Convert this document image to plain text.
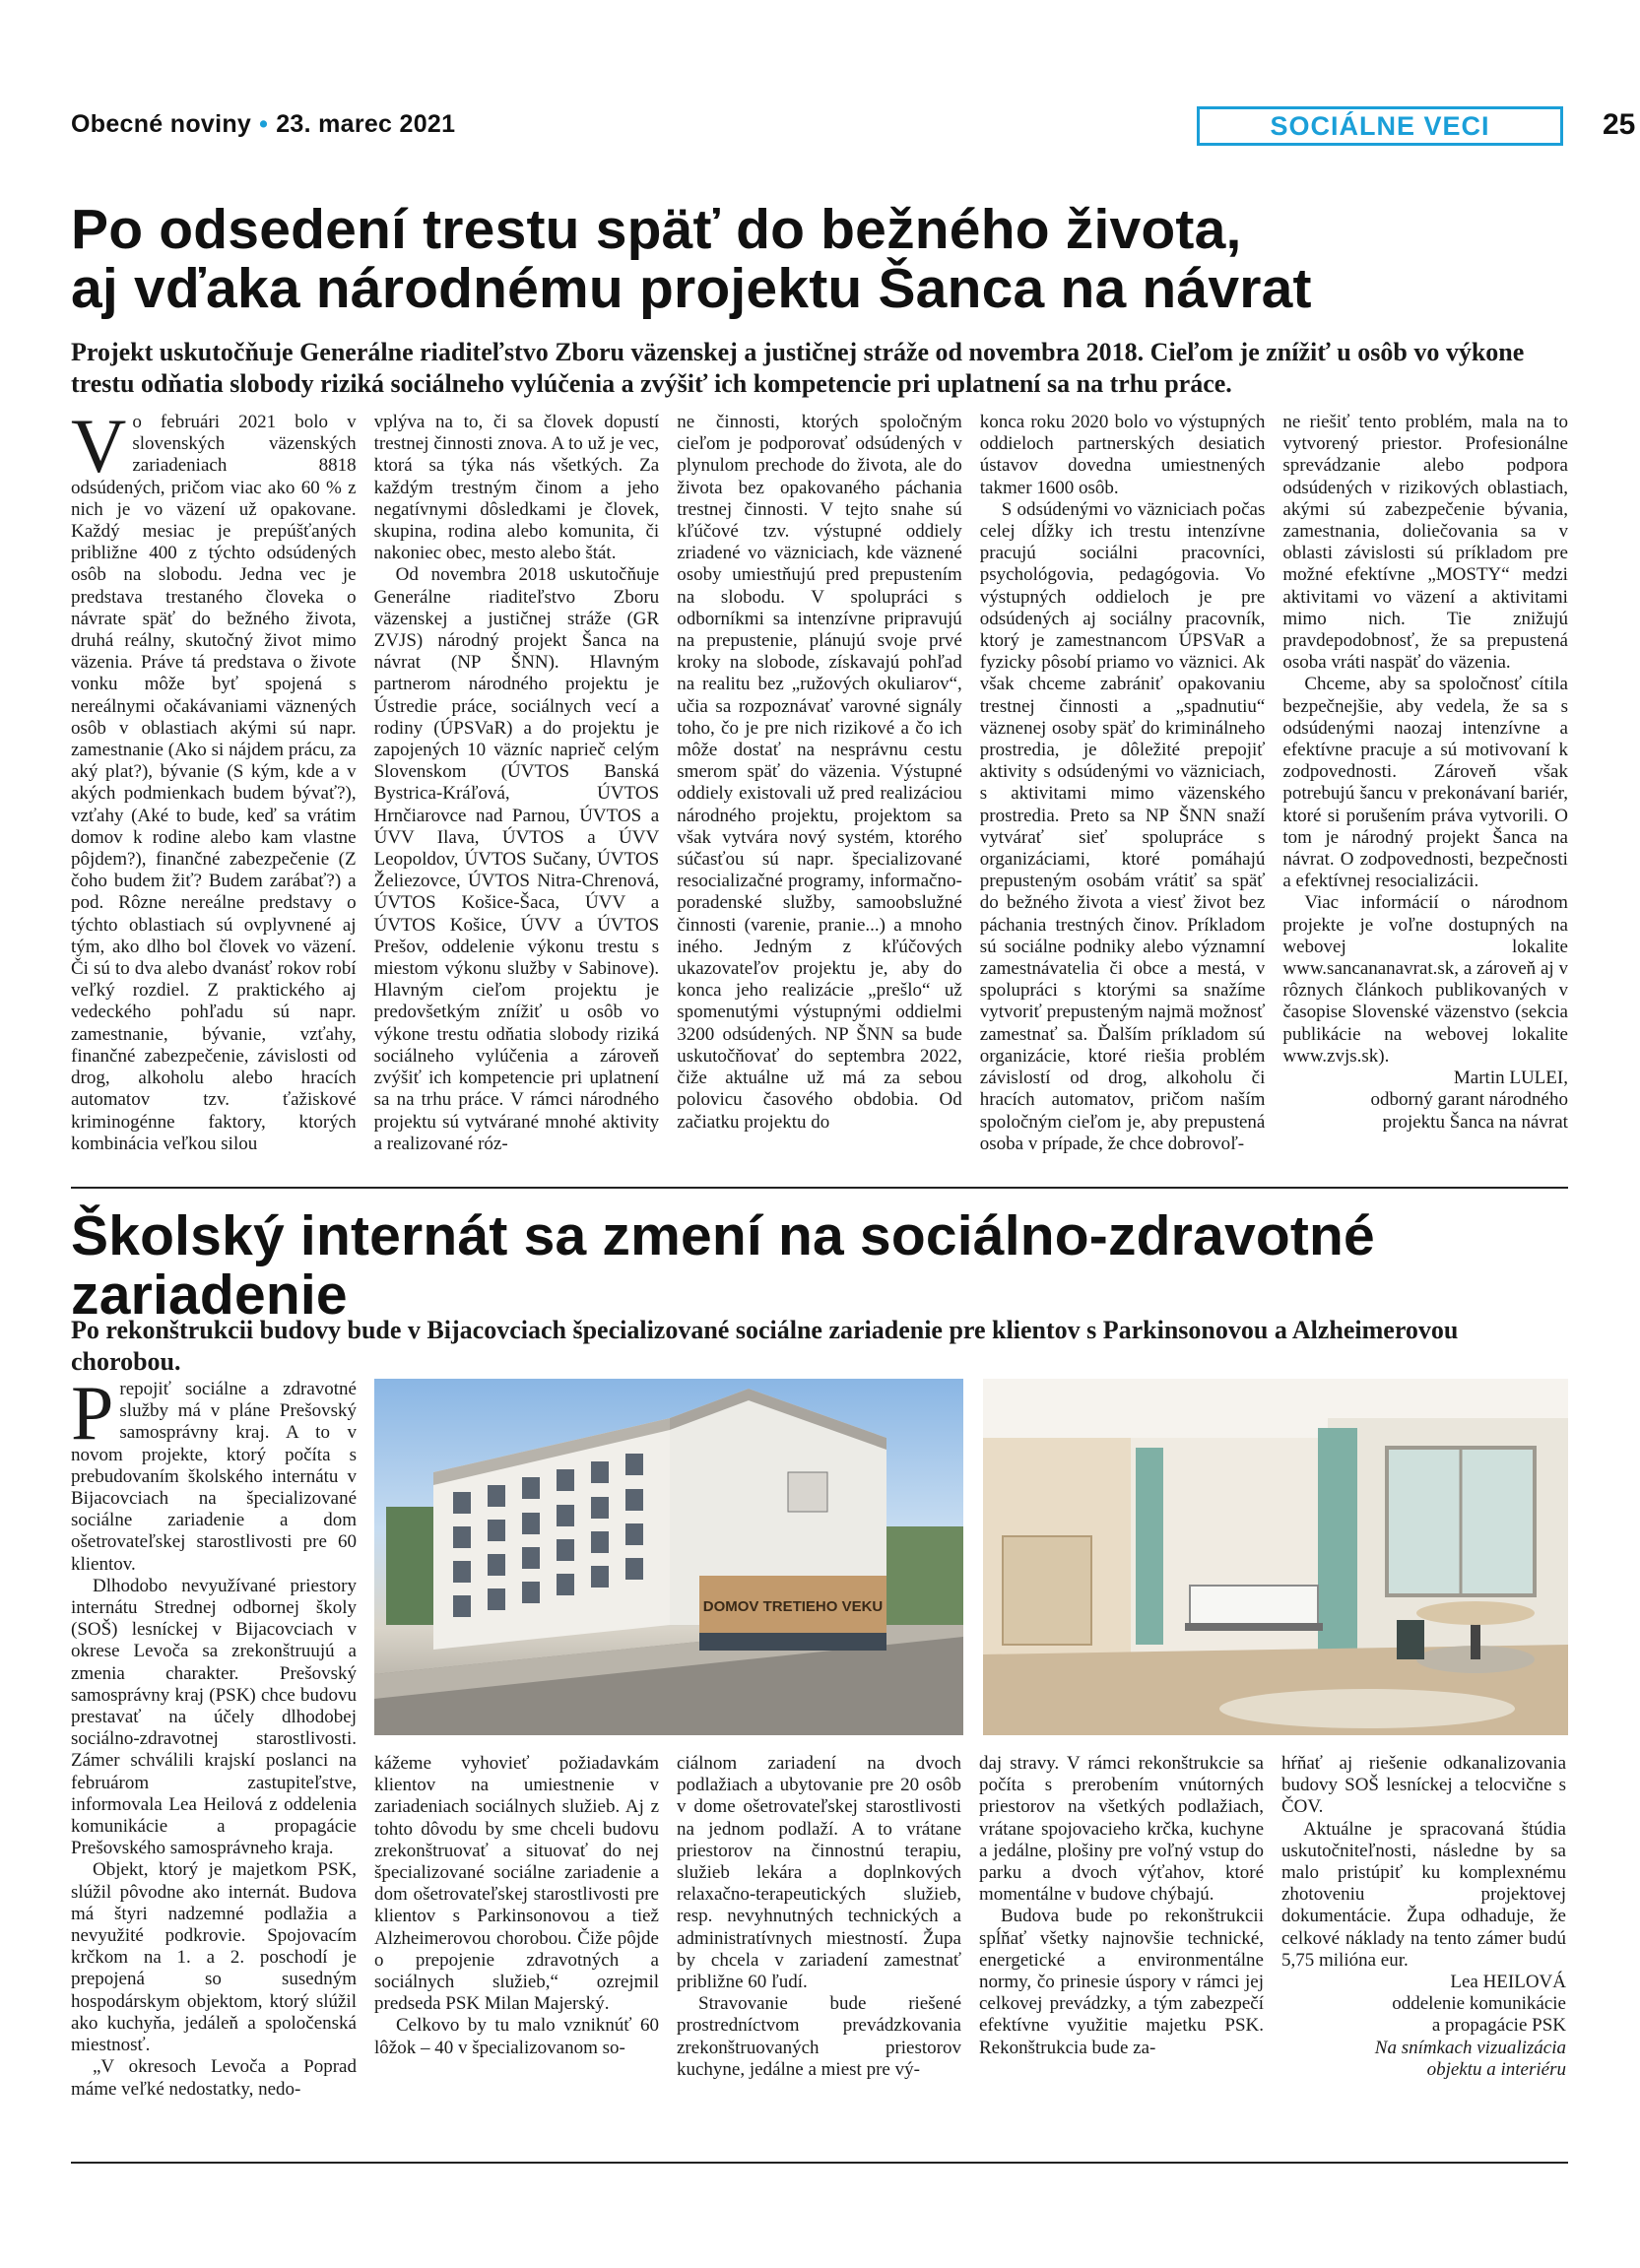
Obecné noviny • 23. marec 2021	SOCIÁLNE VECI	25
Po odsedení trestu späť do bežného života,
aj vďaka národnému projektu Šanca na návrat
Projekt uskutočňuje Generálne riaditeľstvo Zboru väzenskej a justičnej stráže od novembra 2018. Cieľom je znížiť u osôb vo výkone trestu odňatia slobody riziká sociálneho vylúčenia a zvýšiť ich kompetencie pri uplatnení sa na trhu práce.

Vo februári 2021 bolo v slovenských väzenských zariadeniach 8818 odsúdených, pričom viac ako 60 % z nich je vo väzení už opakovane. Každý mesiac je prepúšťaných približne 400 z týchto odsúdených osôb na slobodu. Jedna vec je predstava trestaného človeka o návrate späť do bežného života, druhá reálny, skutočný život mimo väzenia. Práve tá predstava o živote vonku môže byť spojená s nereálnymi očakávaniami väznených osôb v oblastiach akými sú napr. zamestnanie (Ako si nájdem prácu, za aký plat?), bývanie (S kým, kde a v akých podmienkach budem bývať?), vzťahy (Aké to bude, keď sa vrátim domov k rodine alebo kam vlastne pôjdem?), finančné zabezpečenie (Z čoho budem žiť? Budem zarábať?) a pod. Rôzne nereálne predstavy o týchto oblastiach sú ovplyvnené aj tým, ako dlho bol človek vo väzení. Či sú to dva alebo dvanásť rokov robí veľký rozdiel. Z praktického aj vedeckého pohľadu sú napr. zamestnanie, bývanie, vzťahy, finančné zabezpečenie, závislosti od drog, alkoholu alebo hracích automatov tzv. ťažiskové kriminogénne faktory, ktorých kombinácia veľkou silou

vplýva na to, či sa človek dopustí trestnej činnosti znova. A to už je vec, ktorá sa týka nás všetkých. Za každým trestným činom a jeho negatívnymi dôsledkami je človek, skupina, rodina alebo komunita, či nakoniec obec, mesto alebo štát.

Od novembra 2018 uskutočňuje Generálne riaditeľstvo Zboru väzenskej a justičnej stráže (GR ZVJS) národný projekt Šanca na návrat (NP ŠNN). Hlavným partnerom národného projektu je Ústredie práce, sociálnych vecí a rodiny (ÚPSVaR) a do projektu je zapojených 10 väzníc naprieč celým Slovenskom (ÚVTOS Banská Bystrica-Kráľová, ÚVTOS Hrnčiarovce nad Parnou, ÚVTOS a ÚVV Ilava, ÚVTOS a ÚVV Leopoldov, ÚVTOS Sučany, ÚVTOS Želiezovce, ÚVTOS Nitra-Chrenová, ÚVTOS Košice-Šaca, ÚVV a ÚVTOS Košice, ÚVV a ÚVTOS Prešov, oddelenie výkonu trestu s miestom výkonu služby v Sabinove). Hlavným cieľom projektu je predovšetkým znížiť u osôb vo výkone trestu odňatia slobody riziká sociálneho vylúčenia a zároveň zvýšiť ich kompetencie pri uplatnení sa na trhu práce. V rámci národného projektu sú vytvárané mnohé aktivity a realizované róz-

ne činnosti, ktorých spoločným cieľom je podporovať odsúdených v plynulom prechode do života, ale do života bez opakovaného páchania trestnej činnosti. V tejto snahe sú kľúčové tzv. výstupné oddiely zriadené vo väzniciach, kde väznené osoby umiestňujú pred prepustením na slobodu. V spolupráci s odborníkmi sa intenzívne pripravujú na prepustenie, plánujú svoje prvé kroky na slobode, získavajú pohľad na realitu bez „ružových okuliarov“, učia sa rozpoznávať varovné signály toho, čo je pre nich rizikové a čo ich môže dostať na nesprávnu cestu smerom späť do väzenia. Výstupné oddiely existovali už pred realizáciou národného projektu, projektom sa však vytvára nový systém, ktorého súčasťou sú napr. špecializované resocializačné programy, informačno-poradenské služby, samoobslužné činnosti (varenie, pranie...) a mnoho iného. Jedným z kľúčových ukazovateľov projektu je, aby do konca jeho realizácie „prešlo“ už spomenutými výstupnými oddielmi 3200 odsúdených. NP ŠNN sa bude uskutočňovať do septembra 2022, čiže aktuálne už má za sebou polovicu časového obdobia. Od začiatku projektu do

konca roku 2020 bolo vo výstupných oddieloch partnerských desiatich ústavov dovedna umiestnených takmer 1600 osôb.

S odsúdenými vo väzniciach počas celej dĺžky ich trestu intenzívne pracujú sociálni pracovníci, psychológovia, pedagógovia. Vo výstupných oddieloch je pre odsúdených aj sociálny pracovník, ktorý je zamestnancom ÚPSVaR a fyzicky pôsobí priamo vo väznici. Ak však chceme zabrániť opakovaniu trestnej činnosti a „spadnutiu“ väznenej osoby späť do kriminálneho prostredia, je dôležité prepojiť aktivity s odsúdenými vo väzniciach, s aktivitami mimo väzenského prostredia. Preto sa NP ŠNN snaží vytvárať sieť spolupráce s organizáciami, ktoré pomáhajú prepusteným osobám vrátiť sa späť do bežného života a viesť život bez páchania trestných činov. Príkladom sú sociálne podniky alebo významní zamestnávatelia či obce a mestá, v spolupráci s ktorými sa snažíme vytvoriť prepusteným najmä možnosť zamestnať sa. Ďalším príkladom sú organizácie, ktoré riešia problém závislostí od drog, alkoholu či hracích automatov, pričom naším spoločným cieľom je, aby prepustená osoba v prípade, že chce dobrovoľ-

ne riešiť tento problém, mala na to vytvorený priestor. Profesionálne sprevádzanie alebo podpora odsúdených v rizikových oblastiach, akými sú zabezpečenie bývania, zamestnania, doliečovania sa v oblasti závislosti sú príkladom pre možné efektívne „MOSTY“ medzi aktivitami vo väzení a aktivitami mimo nich. Tie znižujú pravdepodobnosť, že sa prepustená osoba vráti naspäť do väzenia.

Chceme, aby sa spoločnosť cítila bezpečnejšie, aby vedela, že sa s odsúdenými naozaj intenzívne a efektívne pracuje a sú motivovaní k zodpovednosti. Zároveň však potrebujú šancu v prekonávaní bariér, ktoré si porušením práva vytvorili. O tom je národný projekt Šanca na návrat. O zodpovednosti, bezpečnosti a efektívnej resocializácii.

Viac informácií o národnom projekte je voľne dostupných na webovej lokalite www.sancananavrat.sk, a zároveň aj v rôznych článkoch publikovaných v časopise Slovenské väzenstvo (sekcia publikácie na webovej lokalite www.zvjs.sk).

Martin LULEI,
odborný garant národného
projektu Šanca na návrat
Školský internát sa zmení na sociálno-zdravotné
zariadenie
Po rekonštrukcii budovy bude v Bijacovciach špecializované sociálne zariadenie pre klientov s Parkinsonovou a Alzheimerovou chorobou.

Prepojiť sociálne a zdravotné služby má v pláne Prešovský samosprávny kraj. A to v novom projekte, ktorý počíta s prebudovaním školského internátu v Bijacovciach na špecializované sociálne zariadenie a dom ošetrovateľskej starostlivosti pre 60 klientov.

Dlhodobo nevyužívané priestory internátu Strednej odbornej školy (SOŠ) lesníckej v Bijacovciach v okrese Levoča sa zrekonštruujú a zmenia charakter. Prešovský samosprávny kraj (PSK) chce budovu prestavať na účely dlhodobej sociálno-zdravotnej starostlivosti. Zámer schválili krajskí poslanci na februárom zastupiteľstve, informovala Lea Heilová z oddelenia komunikácie a propagácie Prešovského samosprávneho kraja.

Objekt, ktorý je majetkom PSK, slúžil pôvodne ako internát. Budova má štyri nadzemné podlažia a nevyužité podkrovie. Spojovacím krčkom na 1. a 2. poschodí je prepojená so susedným hospodárskym objektom, ktorý slúžil ako kuchyňa, jedáleň a spoločenská miestnosť.

„V okresoch Levoča a Poprad máme veľké nedostatky, nedo-

DOMOV TRETIEHO VEKU

kážeme vyhovieť požiadavkám klientov na umiestnenie v zariadeniach sociálnych služieb. Aj z tohto dôvodu by sme chceli budovu zrekonštruovať a situovať do nej špecializované sociálne zariadenie a dom ošetrovateľskej starostlivosti pre klientov s Parkinsonovou a tiež Alzheimerovou chorobou. Čiže pôjde o prepojenie zdravotných a sociálnych služieb,“ ozrejmil predseda PSK Milan Majerský.

Celkovo by tu malo vzniknúť 60 lôžok – 40 v špecializovanom so-

ciálnom zariadení na dvoch podlažiach a ubytovanie pre 20 osôb v dome ošetrovateľskej starostlivosti na jednom podlaží. A to vrátane priestorov na činnostnú terapiu, služieb lekára a doplnkových relaxačno-terapeutických služieb, resp. nevyhnutných technických a administratívnych miestností. Župa by chcela v zariadení zamestnať približne 60 ľudí.

Stravovanie bude riešené prostredníctvom prevádzkovania zrekonštruovaných priestorov kuchyne, jedálne a miest pre vý-

daj stravy. V rámci rekonštrukcie sa počíta s prerobením vnútorných priestorov na všetkých podlažiach, vrátane spojovacieho krčka, kuchyne a jedálne, plošiny pre voľný vstup do parku a dvoch výťahov, ktoré momentálne v budove chýbajú.

Budova bude po rekonštrukcii spĺňať všetky najnovšie technické, energetické a environmentálne normy, čo prinesie úspory v rámci jej celkovej prevádzky, a tým zabezpečí efektívne využitie majetku PSK. Rekonštrukcia bude za-

hŕňať aj riešenie odkanalizovania budovy SOŠ lesníckej a telocvične s ČOV.

Aktuálne je spracovaná štúdia uskutočniteľnosti, následne by sa malo pristúpiť ku komplexnému zhotoveniu projektovej dokumentácie. Župa odhaduje, že celkové náklady na tento zámer budú 5,75 milióna eur.

Lea HEILOVÁ
oddelenie komunikácie
a propagácie PSK
Na snímkach vizualizácia
objektu a interiéru
